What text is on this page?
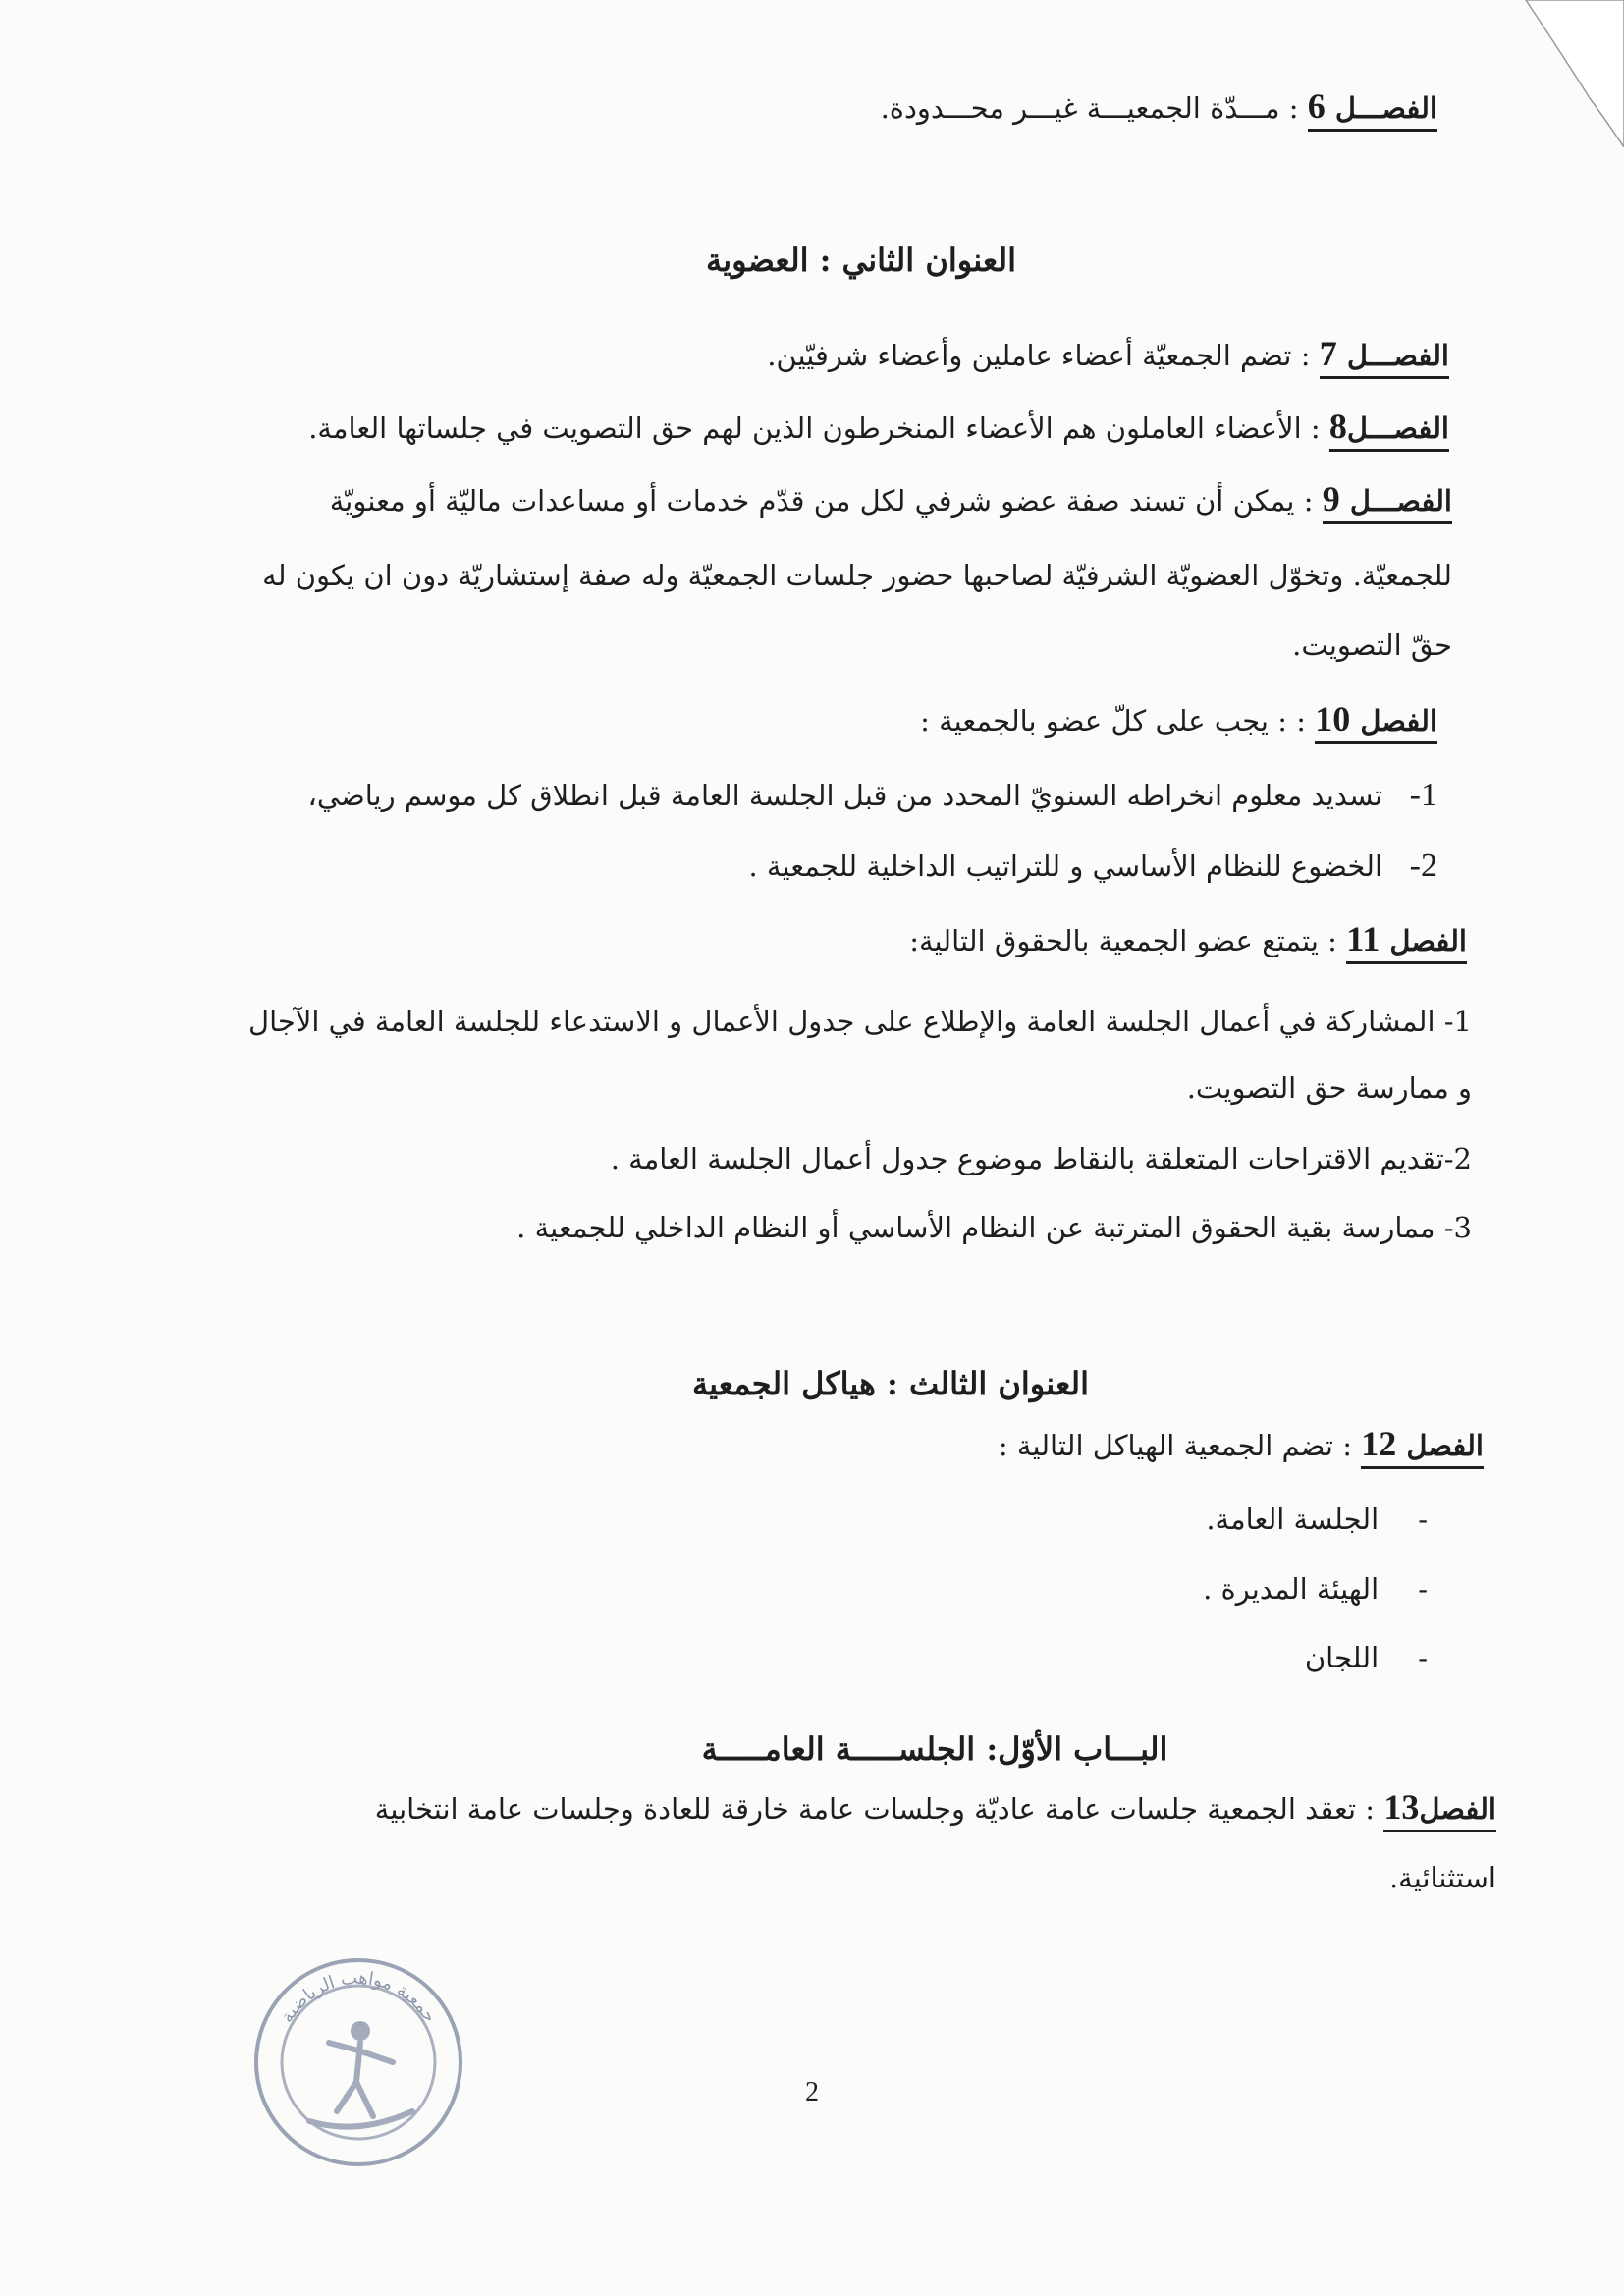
الفصـــل 6 : مـــدّة الجمعيـــة غيـــر محـــدودة.
العنوان الثاني : العضوية
الفصـــل 7 : تضم الجمعيّة أعضاء عاملين وأعضاء شرفيّين.
الفصـــل8 : الأعضاء العاملون هم الأعضاء المنخرطون الذين لهم حق التصويت في جلساتها العامة.
الفصـــل 9 : يمكن أن تسند صفة عضو شرفي لكل من قدّم خدمات أو مساعدات ماليّة أو معنويّة
للجمعيّة. وتخوّل العضويّة الشرفيّة لصاحبها حضور جلسات الجمعيّة وله صفة إستشاريّة دون ان يكون له
حقّ التصويت.
الفصل 10 : : يجب على كلّ عضو بالجمعية :
1-   تسديد معلوم انخراطه السنويّ المحدد من قبل الجلسة العامة قبل انطلاق كل موسم رياضي،
2-   الخضوع للنظام الأساسي و للتراتيب الداخلية للجمعية .
الفصل 11 : يتمتع عضو الجمعية بالحقوق التالية:
1- المشاركة في أعمال الجلسة العامة والإطلاع على جدول الأعمال و الاستدعاء للجلسة العامة في الآجال
و ممارسة حق التصويت.
2-تقديم الاقتراحات المتعلقة بالنقاط موضوع جدول أعمال الجلسة العامة .
3- ممارسة بقية الحقوق المترتبة عن النظام الأساسي أو النظام الداخلي للجمعية .
العنوان الثالث : هياكل الجمعية
الفصل 12 : تضم الجمعية الهياكل التالية :
-الجلسة العامة.
-الهيئة المديرة .
-اللجان
البـــاب الأوّل: الجلســـــة العامـــــة
الفصل13 : تعقد الجمعية جلسات عامة عاديّة وجلسات عامة خارقة للعادة وجلسات عامة انتخابية
استثنائية.
جمعية مواهب الرياضية
2
